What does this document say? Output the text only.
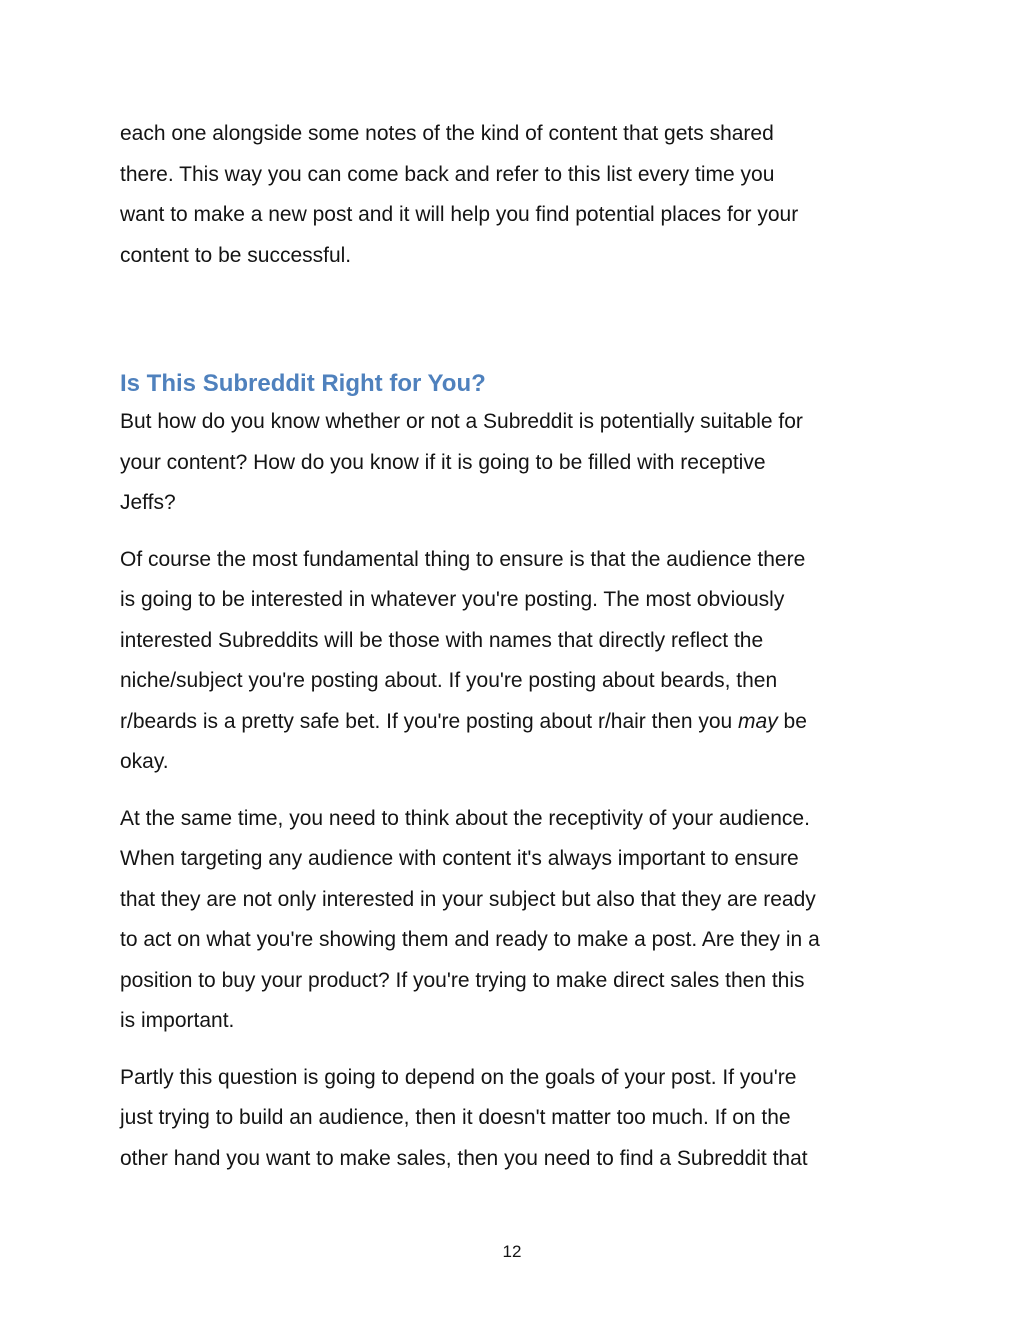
each one alongside some notes of the kind of content that gets shared
there. This way you can come back and refer to this list every time you
want to make a new post and it will help you find potential places for your
content to be successful.
Is This Subreddit Right for You?
But how do you know whether or not a Subreddit is potentially suitable for
your content? How do you know if it is going to be filled with receptive
Jeffs?
Of course the most fundamental thing to ensure is that the audience there
is going to be interested in whatever you're posting. The most obviously
interested Subreddits will be those with names that directly reflect the
niche/subject you're posting about. If you're posting about beards, then
r/beards is a pretty safe bet. If you're posting about r/hair then you may be
okay.
At the same time, you need to think about the receptivity of your audience.
When targeting any audience with content it's always important to ensure
that they are not only interested in your subject but also that they are ready
to act on what you're showing them and ready to make a post. Are they in a
position to buy your product? If you're trying to make direct sales then this
is important.
Partly this question is going to depend on the goals of your post. If you're
just trying to build an audience, then it doesn't matter too much. If on the
other hand you want to make sales, then you need to find a Subreddit that
12
